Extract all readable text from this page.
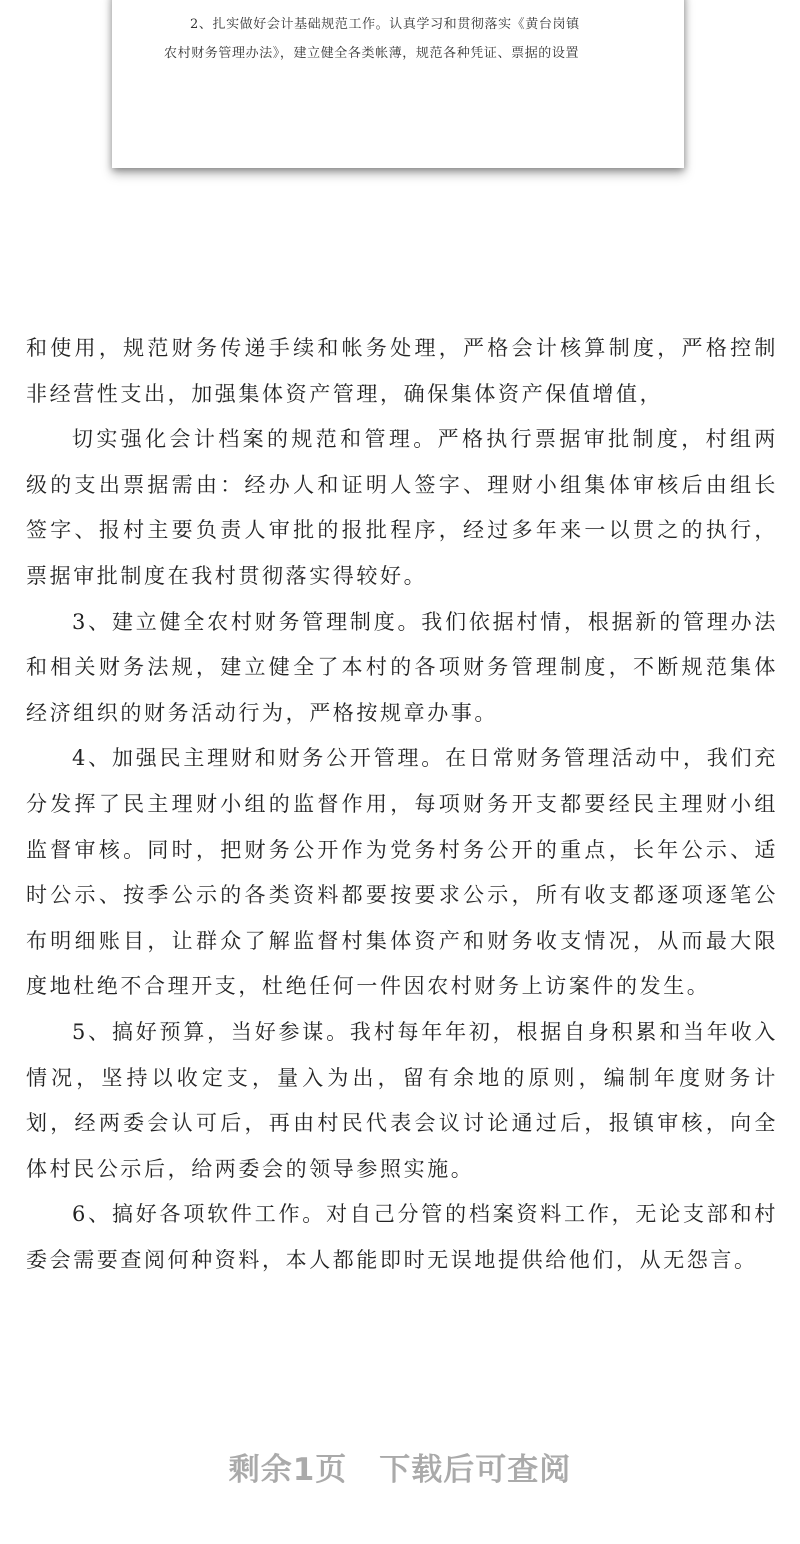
2、扎实做好会计基础规范工作。认真学习和贯彻落实《黄台岗镇
农村财务管理办法》，建立健全各类帐薄，规范各种凭证、票据的设置

和使用，规范财务传递手续和帐务处理，严格会计核算制度，严格控制非经营性支出，加强集体资产管理，确保集体资产保值增值，

切实强化会计档案的规范和管理。严格执行票据审批制度，村组两级的支出票据需由：经办人和证明人签字、理财小组集体审核后由组长签字、报村主要负责人审批的报批程序，经过多年来一以贯之的执行，票据审批制度在我村贯彻落实得较好。

3、建立健全农村财务管理制度。我们依据村情，根据新的管理办法和相关财务法规，建立健全了本村的各项财务管理制度，不断规范集体经济组织的财务活动行为，严格按规章办事。

4、加强民主理财和财务公开管理。在日常财务管理活动中，我们充分发挥了民主理财小组的监督作用，每项财务开支都要经民主理财小组监督审核。同时，把财务公开作为党务村务公开的重点，长年公示、适时公示、按季公示的各类资料都要按要求公示，所有收支都逐项逐笔公布明细账目，让群众了解监督村集体资产和财务收支情况，从而最大限度地杜绝不合理开支，杜绝任何一件因农村财务上访案件的发生。

5、搞好预算，当好参谋。我村每年年初，根据自身积累和当年收入情况，坚持以收定支，量入为出，留有余地的原则，编制年度财务计划，经两委会认可后，再由村民代表会议讨论通过后，报镇审核，向全体村民公示后，给两委会的领导参照实施。

6、搞好各项软件工作。对自己分管的档案资料工作，无论支部和村委会需要查阅何种资料，本人都能即时无误地提供给他们，从无怨言。

剩余1页　下载后可查阅
